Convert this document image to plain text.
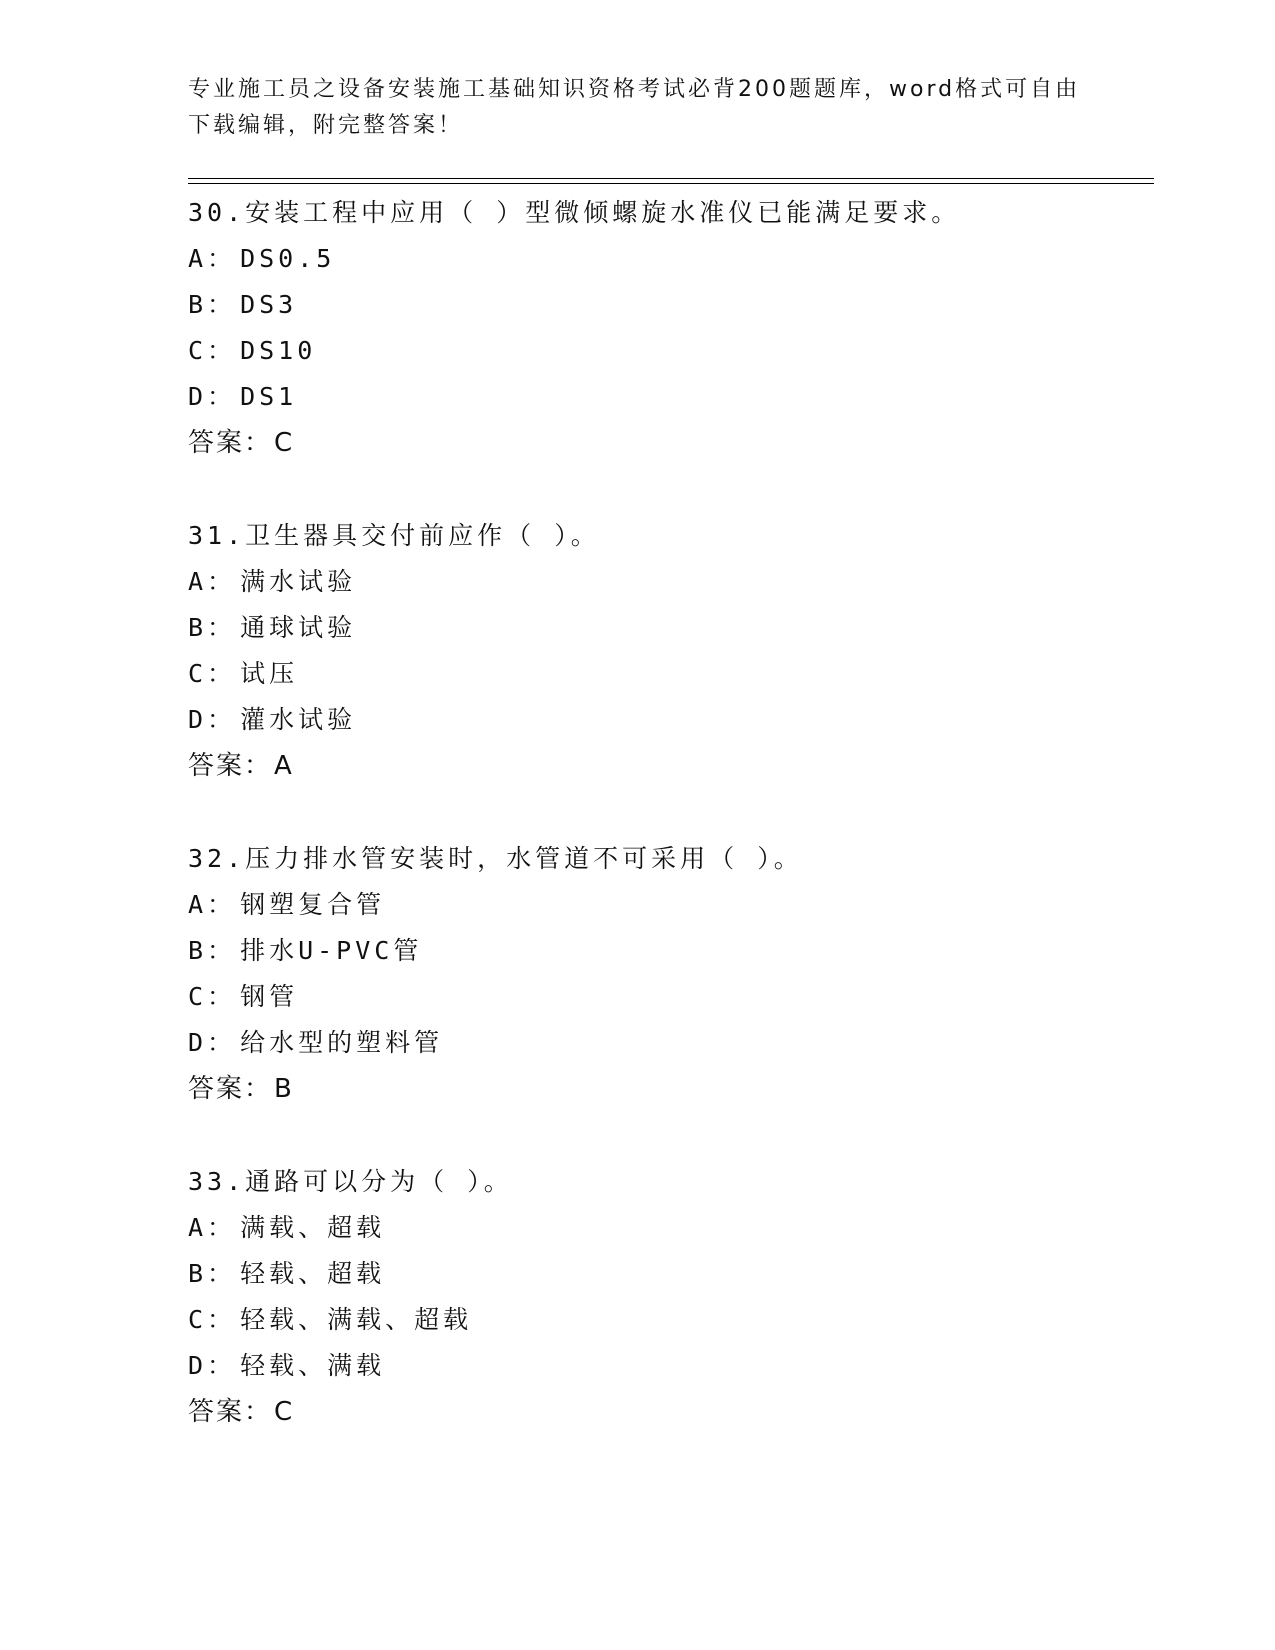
专业施工员之设备安装施工基础知识资格考试必背200题题库，word格式可自由
下载编辑，附完整答案！
30.安装工程中应用（ ）型微倾螺旋水准仪已能满足要求。
A： DS0.5
B： DS3
C： DS10
D： DS1
答案：C
31.卫生器具交付前应作（ ）。
A： 满水试验
B： 通球试验
C： 试压
D： 灌水试验
答案：A
32.压力排水管安装时，水管道不可采用（ ）。
A： 钢塑复合管
B： 排水U-PVC管
C： 钢管
D： 给水型的塑料管
答案：B
33.通路可以分为（ ）。
A： 满载、超载
B： 轻载、超载
C： 轻载、满载、超载
D： 轻载、满载
答案：C
